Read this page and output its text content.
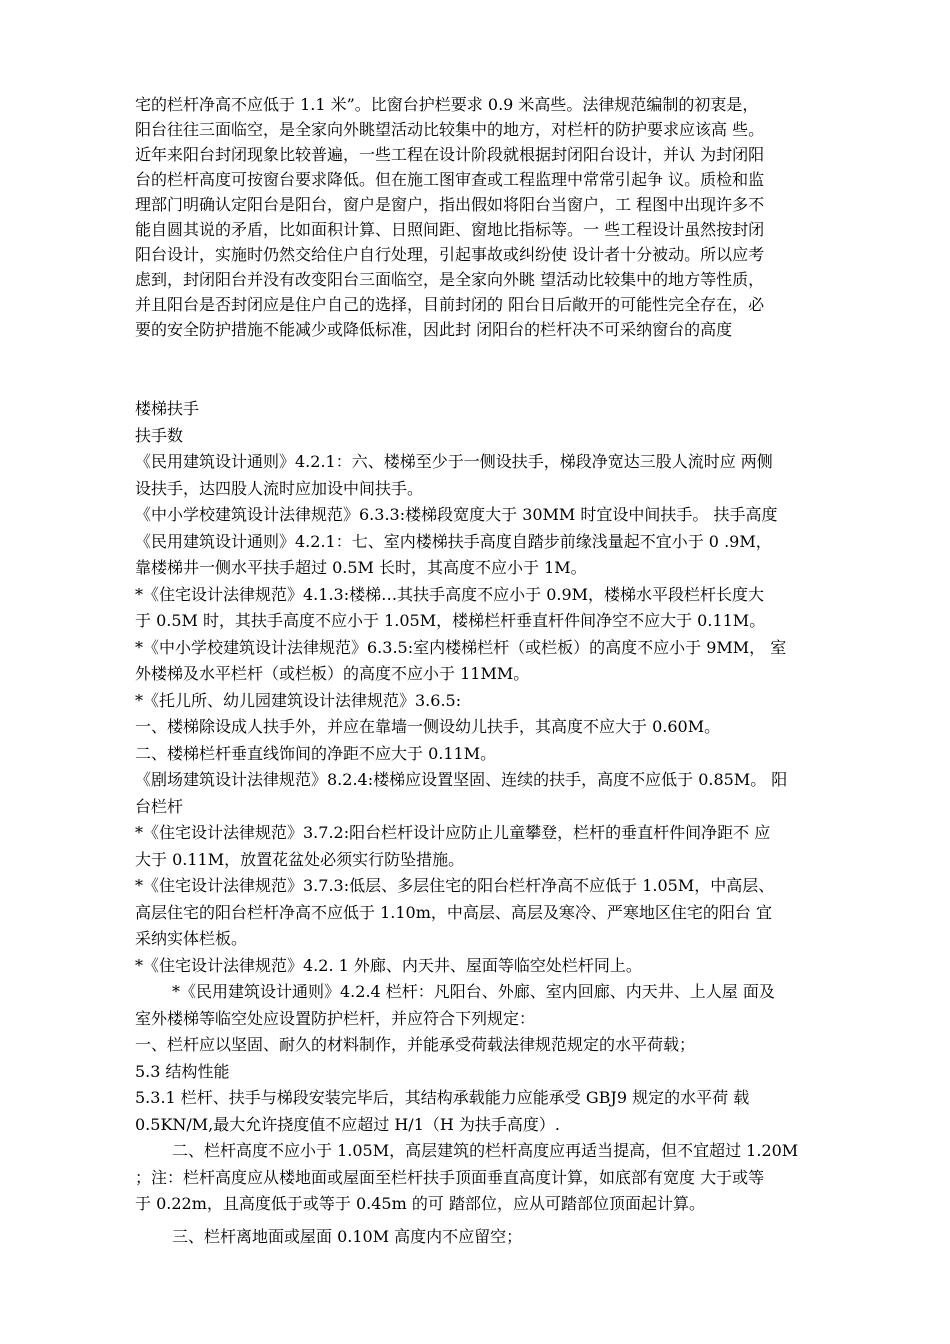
宅的栏杆净高不应低于 1.1 米”。比窗台护栏要求 0.9 米高些。法律规范编制的初衷是，
阳台往往三面临空，是全家向外眺望活动比较集中的地方，对栏杆的防护要求应该高 些。
近年来阳台封闭现象比较普遍，一些工程在设计阶段就根据封闭阳台设计，并认 为封闭阳
台的栏杆高度可按窗台要求降低。但在施工图审查或工程监理中常常引起争 议。质检和监
理部门明确认定阳台是阳台，窗户是窗户，指出假如将阳台当窗户，工 程图中出现许多不
能自圆其说的矛盾，比如面积计算、日照间距、窗地比指标等。一 些工程设计虽然按封闭
阳台设计，实施时仍然交给住户自行处理，引起事故或纠纷使 设计者十分被动。所以应考
虑到，封闭阳台并没有改变阳台三面临空，是全家向外眺 望活动比较集中的地方等性质，
并且阳台是否封闭应是住户自己的选择，目前封闭的 阳台日后敞开的可能性完全存在，必
要的安全防护措施不能减少或降低标准，因此封 闭阳台的栏杆决不可采纳窗台的高度
楼梯扶手
扶手数
《民用建筑设计通则》4.2.1：六、楼梯至少于一侧设扶手，梯段净宽达三股人流时应 两侧
设扶手，达四股人流时应加设中间扶手。
《中小学校建筑设计法律规范》6.3.3:楼梯段宽度大于 30MM 时宜设中间扶手。 扶手高度
《民用建筑设计通则》4.2.1：七、室内楼梯扶手高度自踏步前缘浅量起不宜小于 0 .9M，
靠楼梯井一侧水平扶手超过 0.5M 长时，其高度不应小于 1M。
*《住宅设计法律规范》4.1.3:楼梯…其扶手高度不应小于 0.9M，楼梯水平段栏杆长度大
于 0.5M 时，其扶手高度不应小于 1.05M，楼梯栏杆垂直杆件间净空不应大于 0.11M。
*《中小学校建筑设计法律规范》6.3.5:室内楼梯栏杆（或栏板）的高度不应小于 9MM， 室
外楼梯及水平栏杆（或栏板）的高度不应小于 11MM。
*《托儿所、幼儿园建筑设计法律规范》3.6.5:
一、楼梯除设成人扶手外，并应在靠墙一侧设幼儿扶手，其高度不应大于 0.60M。
二、楼梯栏杆垂直线饰间的净距不应大于 0.11M。
《剧场建筑设计法律规范》8.2.4:楼梯应设置坚固、连续的扶手，高度不应低于 0.85M。 阳
台栏杆
*《住宅设计法律规范》3.7.2:阳台栏杆设计应防止儿童攀登，栏杆的垂直杆件间净距不 应
大于 0.11M，放置花盆处必须实行防坠措施。
*《住宅设计法律规范》3.7.3:低层、多层住宅的阳台栏杆净高不应低于 1.05M，中高层、
高层住宅的阳台栏杆净高不应低于 1.10m，中高层、高层及寒冷、严寒地区住宅的阳台 宜
采纳实体栏板。
*《住宅设计法律规范》4.2. 1 外廊、内天井、屋面等临空处栏杆同上。
*《民用建筑设计通则》4.2.4 栏杆：凡阳台、外廊、室内回廊、内天井、上人屋 面及
室外楼梯等临空处应设置防护栏杆，并应符合下列规定：
一、栏杆应以坚固、耐久的材料制作，并能承受荷载法律规范规定的水平荷载；
5.3 结构性能
5.3.1 栏杆、扶手与梯段安装完毕后，其结构承载能力应能承受 GBJ9 规定的水平荷 载
0.5KN/M,最大允许挠度值不应超过 H/1（H 为扶手高度）.
二、栏杆高度不应小于 1.05M，高层建筑的栏杆高度应再适当提高，但不宜超过 1.20M
；注：栏杆高度应从楼地面或屋面至栏杆扶手顶面垂直高度计算，如底部有宽度 大于或等
于 0.22m，且高度低于或等于 0.45m 的可 踏部位，应从可踏部位顶面起计算。
三、栏杆离地面或屋面 0.10M 高度内不应留空；
